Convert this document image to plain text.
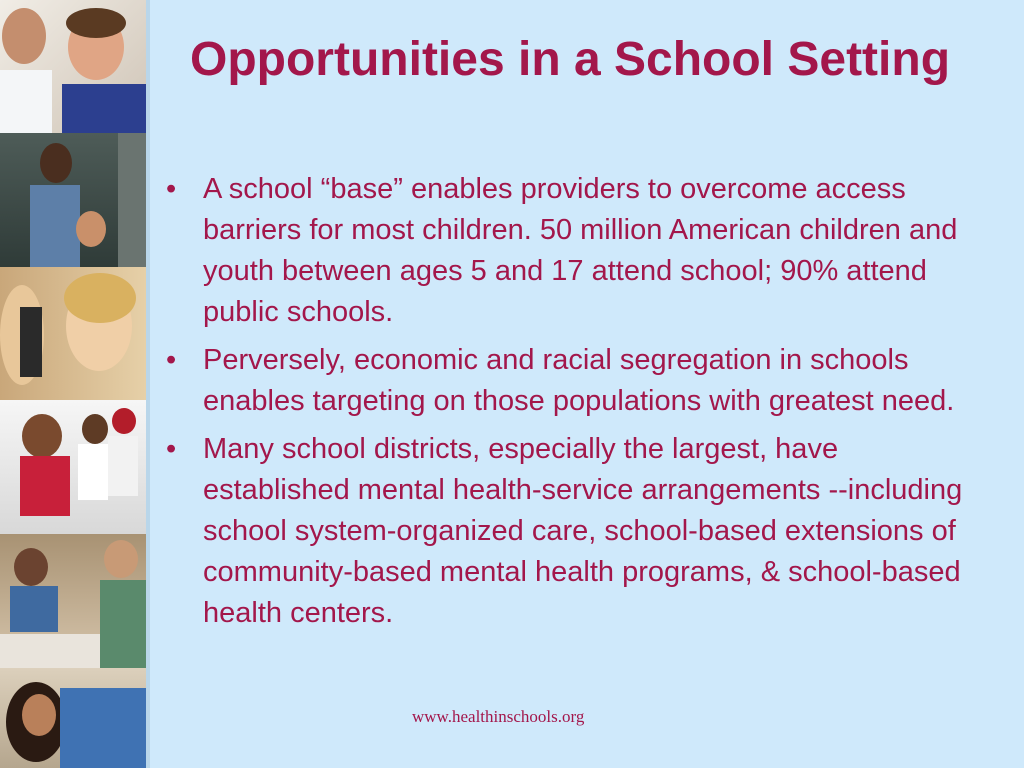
Opportunities in a School Setting
• A school “base” enables providers to overcome access barriers for most children. 50 million American children and youth between ages 5 and 17 attend school; 90% attend public schools.
• Perversely, economic and racial segregation in schools enables targeting on those populations with greatest need.
• Many school districts, especially the largest, have established mental health-service arrangements --including school system-organized care, school-based extensions of community-based mental health programs, & school-based health centers.
www.healthinschools.org
